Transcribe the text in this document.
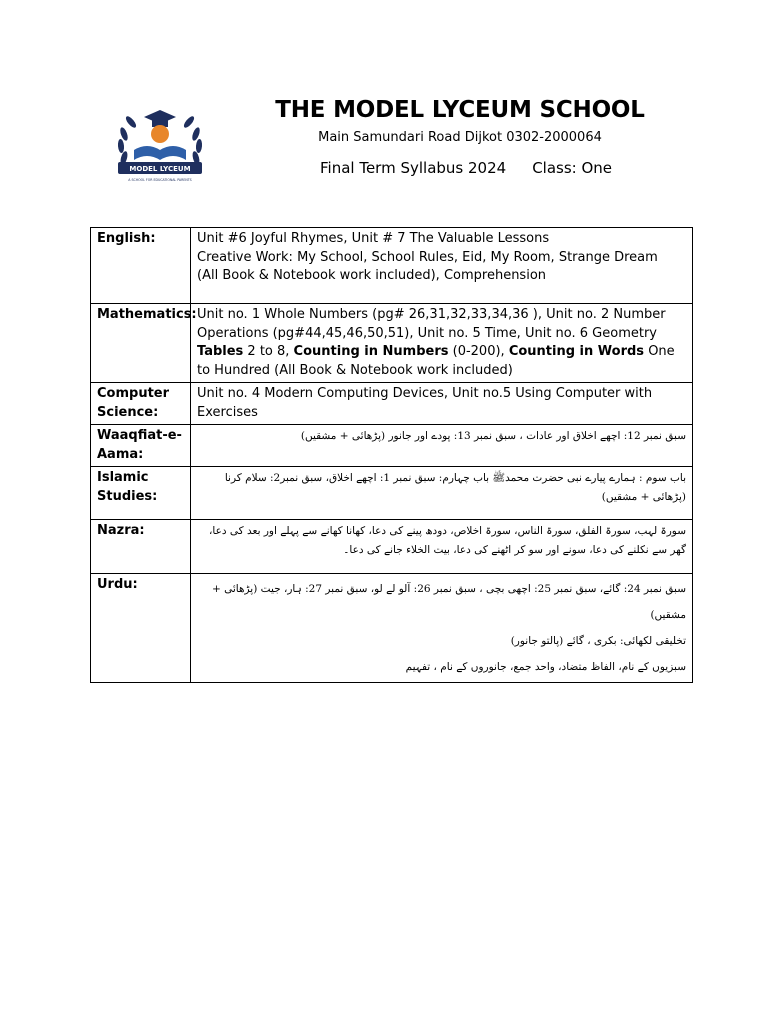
MODEL LYCEUM
A SCHOOL FOR EDUCATIONAL PARENTS
THE MODEL LYCEUM SCHOOL
Main Samundari Road Dijkot 0302-2000064
Final Term Syllabus 2024 Class: One
English:	Unit #6 Joyful Rhymes, Unit # 7 The Valuable Lessons
Creative Work: My School, School Rules, Eid, My Room, Strange Dream
(All Book & Notebook work included), Comprehension

Mathematics:	Unit no. 1 Whole Numbers (pg# 26,31,32,33,34,36 ), Unit no. 2 Number Operations (pg#44,45,46,50,51), Unit no. 5 Time, Unit no. 6 Geometry
Tables 2 to 8, Counting in Numbers (0-200), Counting in Words One to Hundred (All Book & Notebook work included)

Computer Science:	Unit no. 4 Modern Computing Devices, Unit no.5 Using Computer with Exercises
Waaqfiat-e-Aama:	سبق نمبر 12: اچھے اخلاق اور عادات ، سبق نمبر 13: پودے اور جانور (پڑھائی + مشقیں)
Islamic Studies:	باب سوم : ہمارے پیارے نبی حضرت محمدﷺ باب چہارم: سبق نمبر 1: اچھے اخلاق، سبق نمبر2: سلام کرنا (پڑھائی + مشقیں)
Nazra:	سورۃ لہب، سورۃ الفلق، سورۃ الناس، سورۃ اخلاص، دودھ پینے کی دعا، کھانا کھانے سے پہلے اور بعد کی دعا، گھر سے نکلنے کی دعا، سونے اور سو کر اٹھنے کی دعا، بیت الخلاء جانے کی دعا۔
Urdu:	سبق نمبر 24: گائے، سبق نمبر 25: اچھی بچی ، سبق نمبر 26: آلو لے لو، سبق نمبر 27: ہار، جیت (پڑھائی + مشقیں)
تخلیقی لکھائی: بکری ، گائے (پالتو جانور)
سبزیوں کے نام، الفاظ متضاد، واحد جمع، جانوروں کے نام ، تفہیم
